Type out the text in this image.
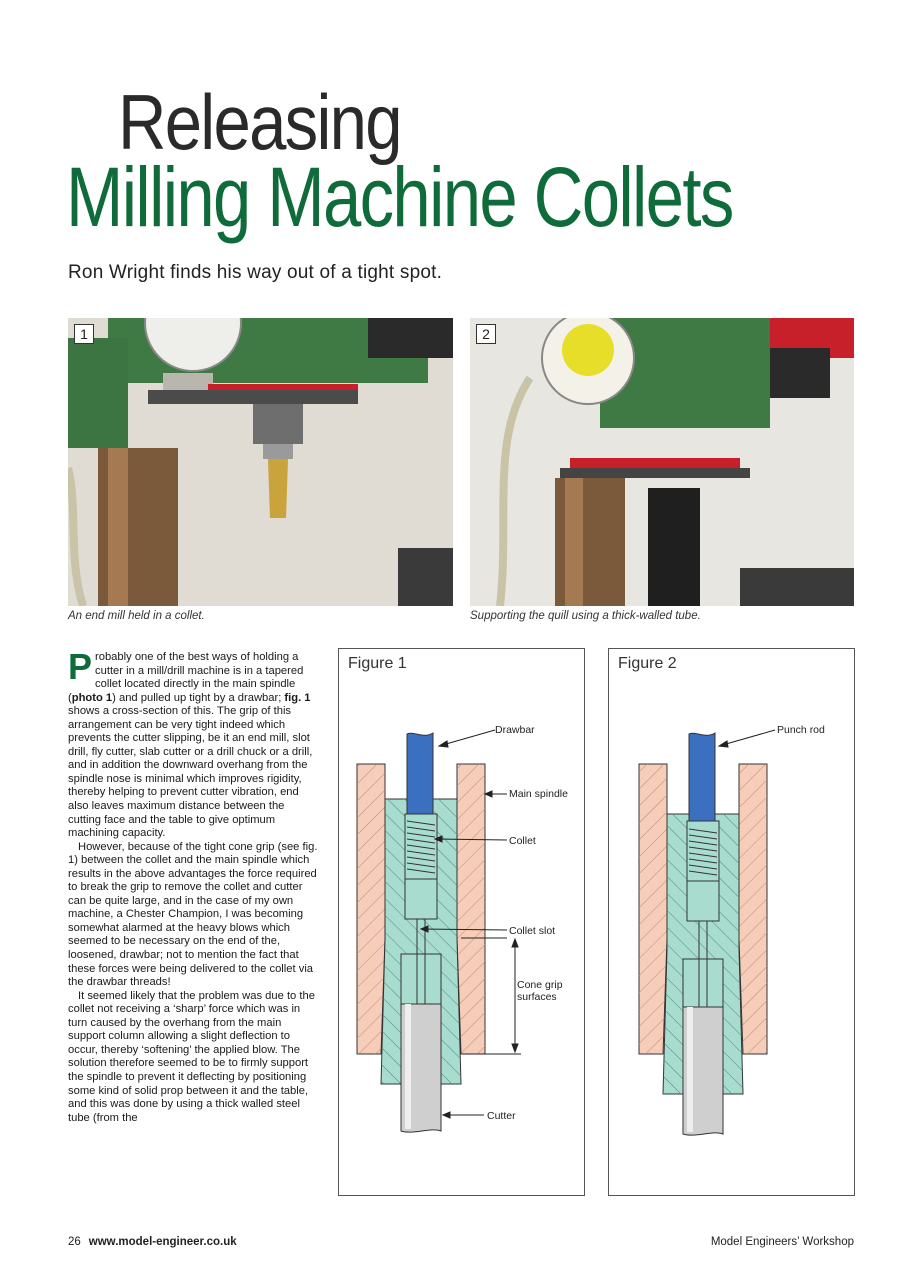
Releasing
Milling Machine Collets
Ron Wright finds his way out of a tight spot.
1
An end mill held in a collet.
2
Supporting the quill using a thick-walled tube.

Probably one of the best ways of holding a cutter in a mill/drill machine is in a tapered collet located directly in the main spindle (photo 1) and pulled up tight by a drawbar; fig. 1 shows a cross-section of this. The grip of this arrangement can be very tight indeed which prevents the cutter slipping, be it an end mill, slot drill, fly cutter, slab cutter or a drill chuck or a drill, and in addition the downward overhang from the spindle nose is minimal which improves rigidity, thereby helping to prevent cutter vibration, end also leaves maximum distance between the cutting face and the table to give optimum machining capacity.

However, because of the tight cone grip (see fig. 1) between the collet and the main spindle which results in the above advantages the force required to break the grip to remove the collet and cutter can be quite large, and in the case of my own machine, a Chester Champion, I was becoming somewhat alarmed at the heavy blows which seemed to be necessary on the end of the, loosened, drawbar; not to mention the fact that these forces were being delivered to the collet via the drawbar threads!

It seemed likely that the problem was due to the collet not receiving a ‘sharp’ force which was in turn caused by the overhang from the main support column allowing a slight deflection to occur, thereby ‘softening’ the applied blow. The solution therefore seemed to be to firmly support the spindle to prevent it deflecting by positioning some kind of solid prop between it and the table, and this was done by using a thick walled steel tube (from the

Figure 1
Drawbar
Main spindle
Collet
Collet slot
Cone grip
surfaces
Cutter
Figure 2
Punch rod
26 www.model-engineer.co.uk	Model Engineers’ Workshop
